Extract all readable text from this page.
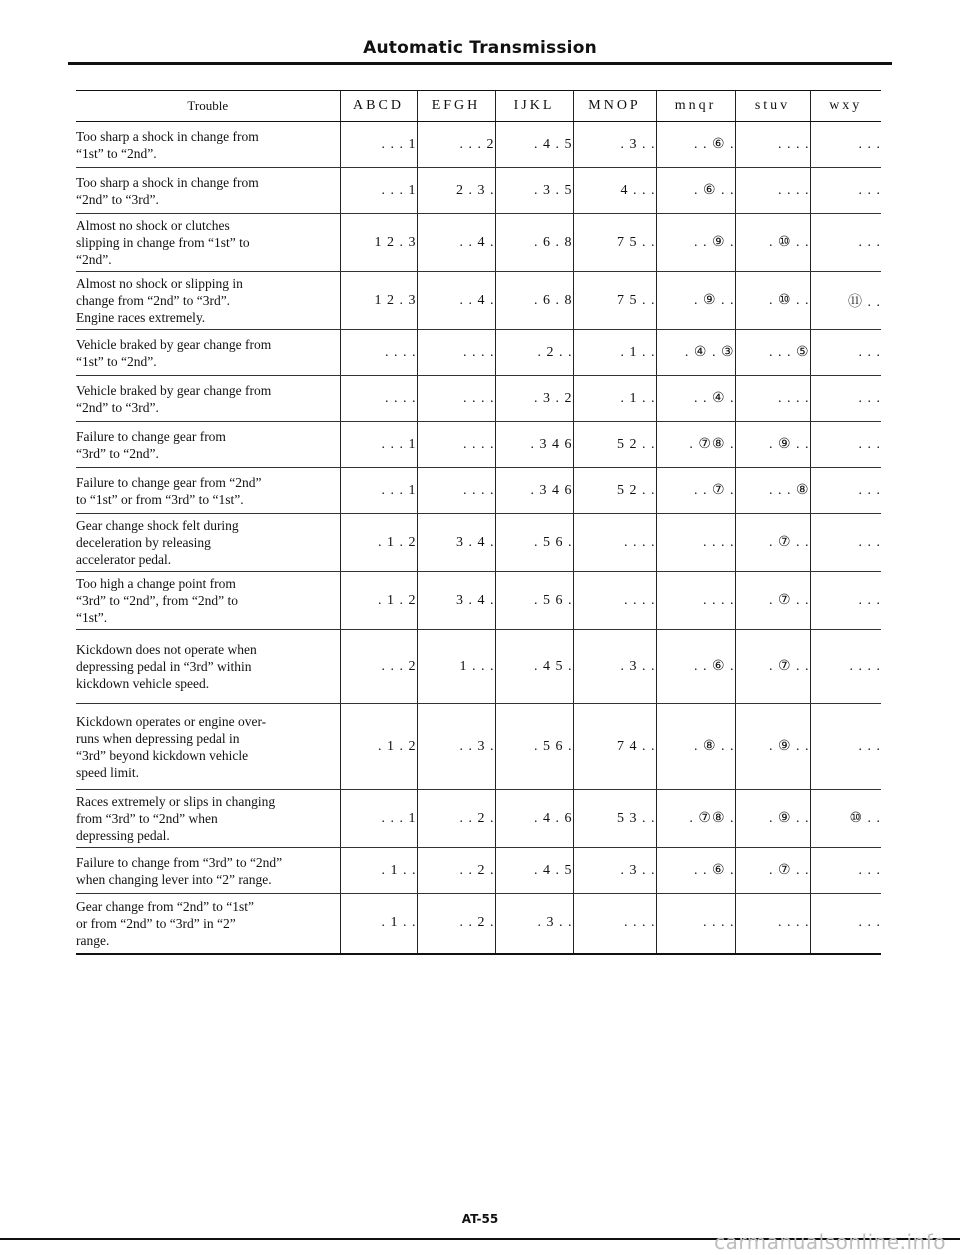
Automatic Transmission
Trouble	ABCD	EFGH	IJKL	MNOP	mnqr	stuv	wxy

Too sharp a shock in change from
“1st” to “2nd”.	. . . 1	. . . 2	. 4 . 5	. 3 . .	. . ⑥ .	. . . .	. . .

Too sharp a shock in change from
“2nd” to “3rd”.	. . . 1	2 . 3 .	. 3 . 5	4 . . .	. ⑥ . .	. . . .	. . .

Almost no shock or clutches
slipping in change from “1st” to
“2nd”.	1 2 . 3	. . 4 .	. 6 . 8	7 5 . .	. . ⑨ .	. ⑩ . .	. . .

Almost no shock or slipping in
change from “2nd” to “3rd”.
Engine races extremely.	1 2 . 3	. . 4 .	. 6 . 8	7 5 . .	. ⑨ . .	. ⑩ . .	⑪ . .

Vehicle braked by gear change from
“1st” to “2nd”.	. . . .	. . . .	. 2 . .	. 1 . .	. ④ . ③	. . . ⑤	. . .

Vehicle braked by gear change from
“2nd” to “3rd”.	. . . .	. . . .	. 3 . 2	. 1 . .	. . ④ .	. . . .	. . .

Failure to change gear from
“3rd” to “2nd”.	. . . 1	. . . .	. 3 4 6	5 2 . .	. ⑦⑧ .	. ⑨ . .	. . .

Failure to change gear from “2nd”
to “1st” or from “3rd” to “1st”.	. . . 1	. . . .	. 3 4 6	5 2 . .	. . ⑦ .	. . . ⑧	. . .

Gear change shock felt during
deceleration by releasing
accelerator pedal.	. 1 . 2	3 . 4 .	. 5 6 .	. . . .	. . . .	. ⑦ . .	. . .

Too high a change point from
“3rd” to “2nd”, from “2nd” to
“1st”.	. 1 . 2	3 . 4 .	. 5 6 .	. . . .	. . . .	. ⑦ . .	. . .

Kickdown does not operate when
depressing pedal in “3rd” within
kickdown vehicle speed.	. . . 2	1 . . .	. 4 5 .	. 3 . .	. . ⑥ .	. ⑦ . .	. . . .

Kickdown operates or engine over-
runs when depressing pedal in
“3rd” beyond kickdown vehicle
speed limit.	. 1 . 2	. . 3 .	. 5 6 .	7 4 . .	. ⑧ . .	. ⑨ . .	. . .

Races extremely or slips in changing
from “3rd” to “2nd” when
depressing pedal.	. . . 1	. . 2 .	. 4 . 6	5 3 . .	. ⑦⑧ .	. ⑨ . .	⑩ . .

Failure to change from “3rd” to “2nd”
when changing lever into “2” range.	. 1 . .	. . 2 .	. 4 . 5	. 3 . .	. . ⑥ .	. ⑦ . .	. . .

Gear change from “2nd” to “1st”
or from “2nd” to “3rd” in “2”
range.	. 1 . .	. . 2 .	. 3 . .	. . . .	. . . .	. . . .	. . .
AT-55
carmanualsonline.info
